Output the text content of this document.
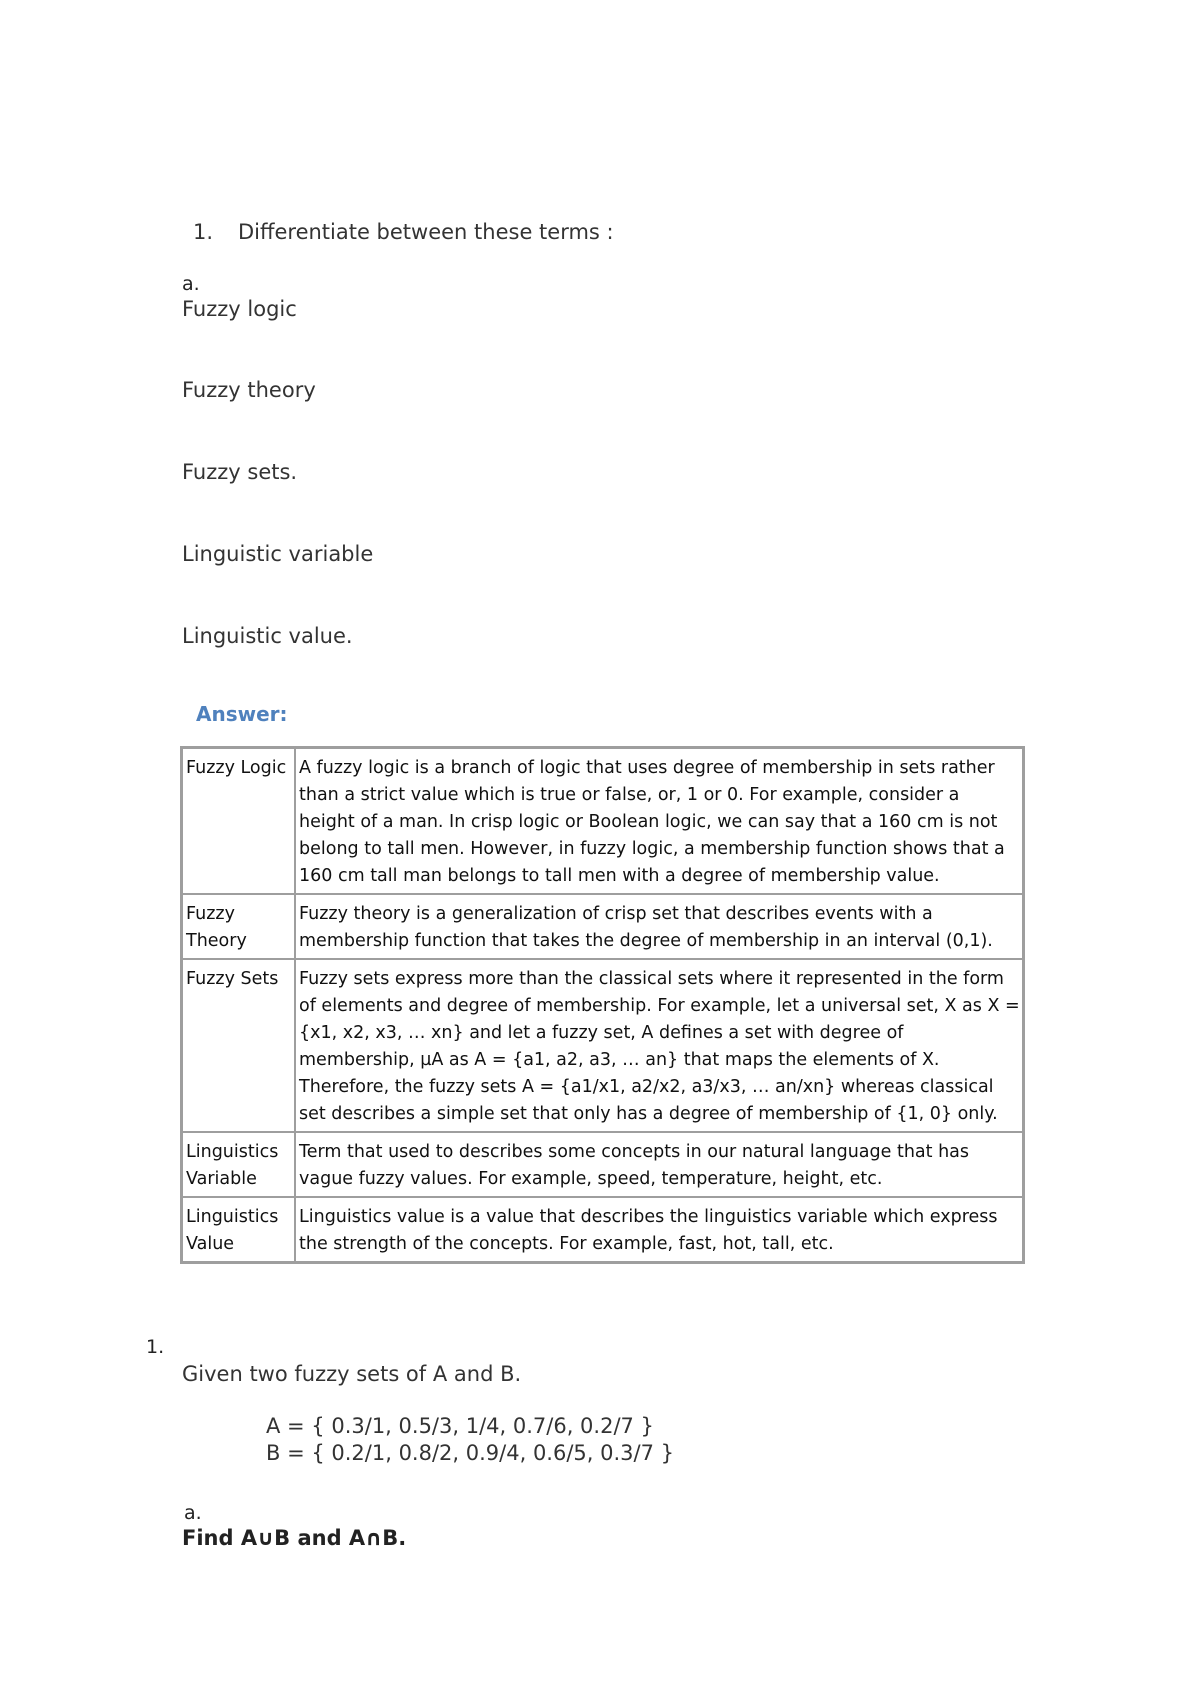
1. Differentiate between these terms :
a.
Fuzzy logic
Fuzzy theory
Fuzzy sets.
Linguistic variable
Linguistic value.
Answer:
Fuzzy Logic	A fuzzy logic is a branch of logic that uses degree of membership in sets rather than a strict value which is true or false, or, 1 or 0. For example, consider a height of a man. In crisp logic or Boolean logic, we can say that a 160 cm is not belong to tall men. However, in fuzzy logic, a membership function shows that a 160 cm tall man belongs to tall men with a degree of membership value.
Fuzzy Theory	Fuzzy theory is a generalization of crisp set that describes events with a membership function that takes the degree of membership in an interval (0,1).
Fuzzy Sets	Fuzzy sets express more than the classical sets where it represented in the form of elements and degree of membership. For example, let a universal set, X as X = {x1, x2, x3, … xn} and let a fuzzy set, A defines a set with degree of membership, µA as A = {a1, a2, a3, … an} that maps the elements of X. Therefore, the fuzzy sets A = {a1/x1, a2/x2, a3/x3, … an/xn} whereas classical set describes a simple set that only has a degree of membership of {1, 0} only.
Linguistics Variable	Term that used to describes some concepts in our natural language that has vague fuzzy values. For example, speed, temperature, height, etc.
Linguistics Value	Linguistics value is a value that describes the linguistics variable which express the strength of the concepts. For example, fast, hot, tall, etc.
1.
Given two fuzzy sets of A and B.
A = { 0.3/1, 0.5/3, 1/4, 0.7/6, 0.2/7 }
B = { 0.2/1, 0.8/2, 0.9/4, 0.6/5, 0.3/7 }
a.
Find A∪B and A∩B.
